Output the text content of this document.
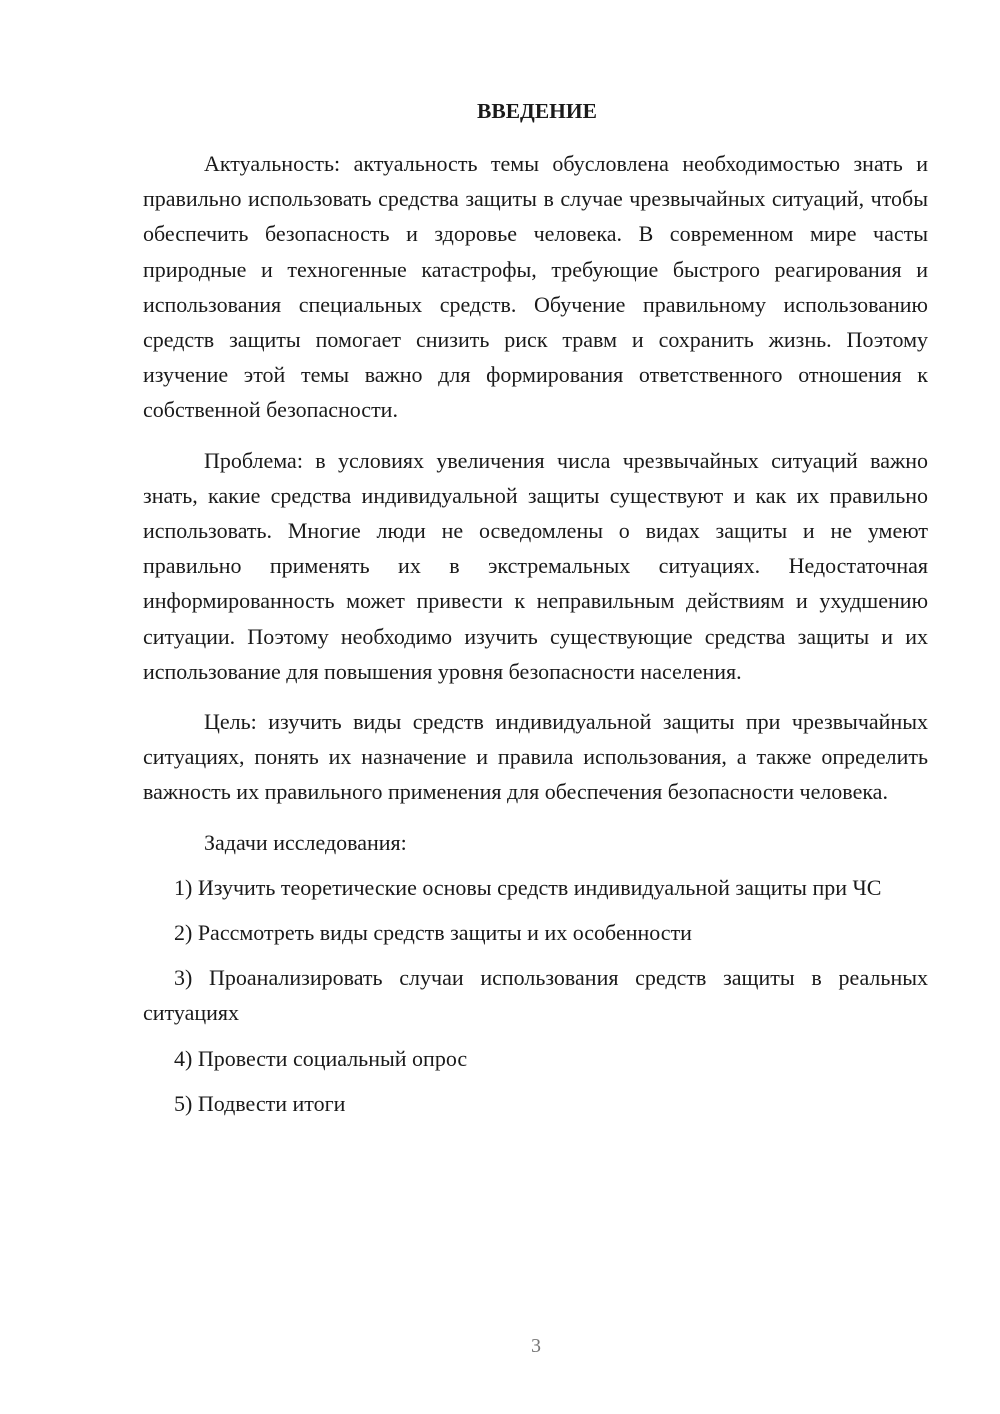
ВВЕДЕНИЕ

Актуальность: актуальность темы обусловлена необходимостью знать и правильно использовать средства защиты в случае чрезвычайных ситуаций, чтобы обеспечить безопасность и здоровье человека. В современном мире часты природные и техногенные катастрофы, требующие быстрого реагирования и использования специальных средств. Обучение правильному использованию средств защиты помогает снизить риск травм и сохранить жизнь. Поэтому изучение этой темы важно для формирования ответственного отношения к собственной безопасности.

Проблема: в условиях увеличения числа чрезвычайных ситуаций важно знать, какие средства индивидуальной защиты существуют и как их правильно использовать. Многие люди не осведомлены о видах защиты и не умеют правильно применять их в экстремальных ситуациях. Недостаточная информированность может привести к неправильным действиям и ухудшению ситуации. Поэтому необходимо изучить существующие средства защиты и их использование для повышения уровня безопасности населения.

Цель: изучить виды средств индивидуальной защиты при чрезвычайных ситуациях, понять их назначение и правила использования, а также определить важность их правильного применения для обеспечения безопасности человека.

Задачи исследования:

1) Изучить теоретические основы средств индивидуальной защиты при ЧС

2) Рассмотреть виды средств защиты и их особенности

3) Проанализировать случаи использования средств защиты в реальных ситуациях

4) Провести социальный опрос

5) Подвести итоги

3
